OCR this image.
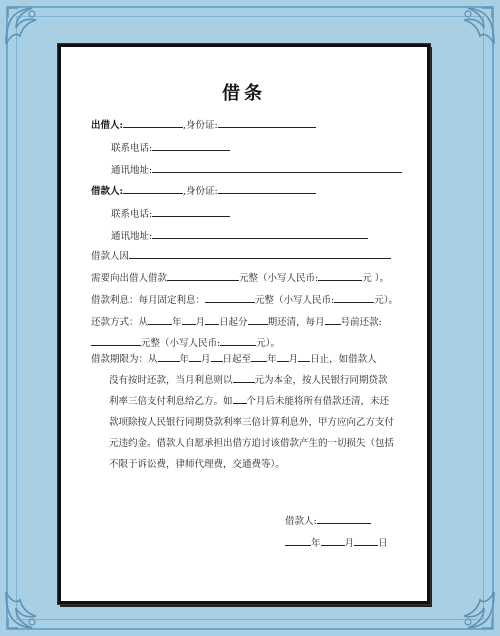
借条
出借人:	,身份证:
联系电话:
通讯地址:
借款人:	,身份证:
联系电话:
通讯地址:
借款人因
需要向出借人借款	元整（小写人民币:	元 ）。
借款利息：每月固定利息：	元整（小写人民币:	元）。
还款方式：从	年 月 日起分 期还清，每月 号前还款:
元整（小写人民币:	元）。
借款期限为：从 年 月 日起至 年 月 日止，如借款人
没有按时还款，当月利息则以 元为本金，按人民银行同期贷款
利率三倍支付利息给乙方。如 个月后未能将所有借款还清，未还
款项除按人民银行同期贷款利率三倍计算利息外，甲方应向乙方支付
元违约金。借款人自愿承担出借方追讨该借款产生的一切损失（包括
不限于诉讼费，律师代理费，交通费等）。
借款人:
年	月	日
